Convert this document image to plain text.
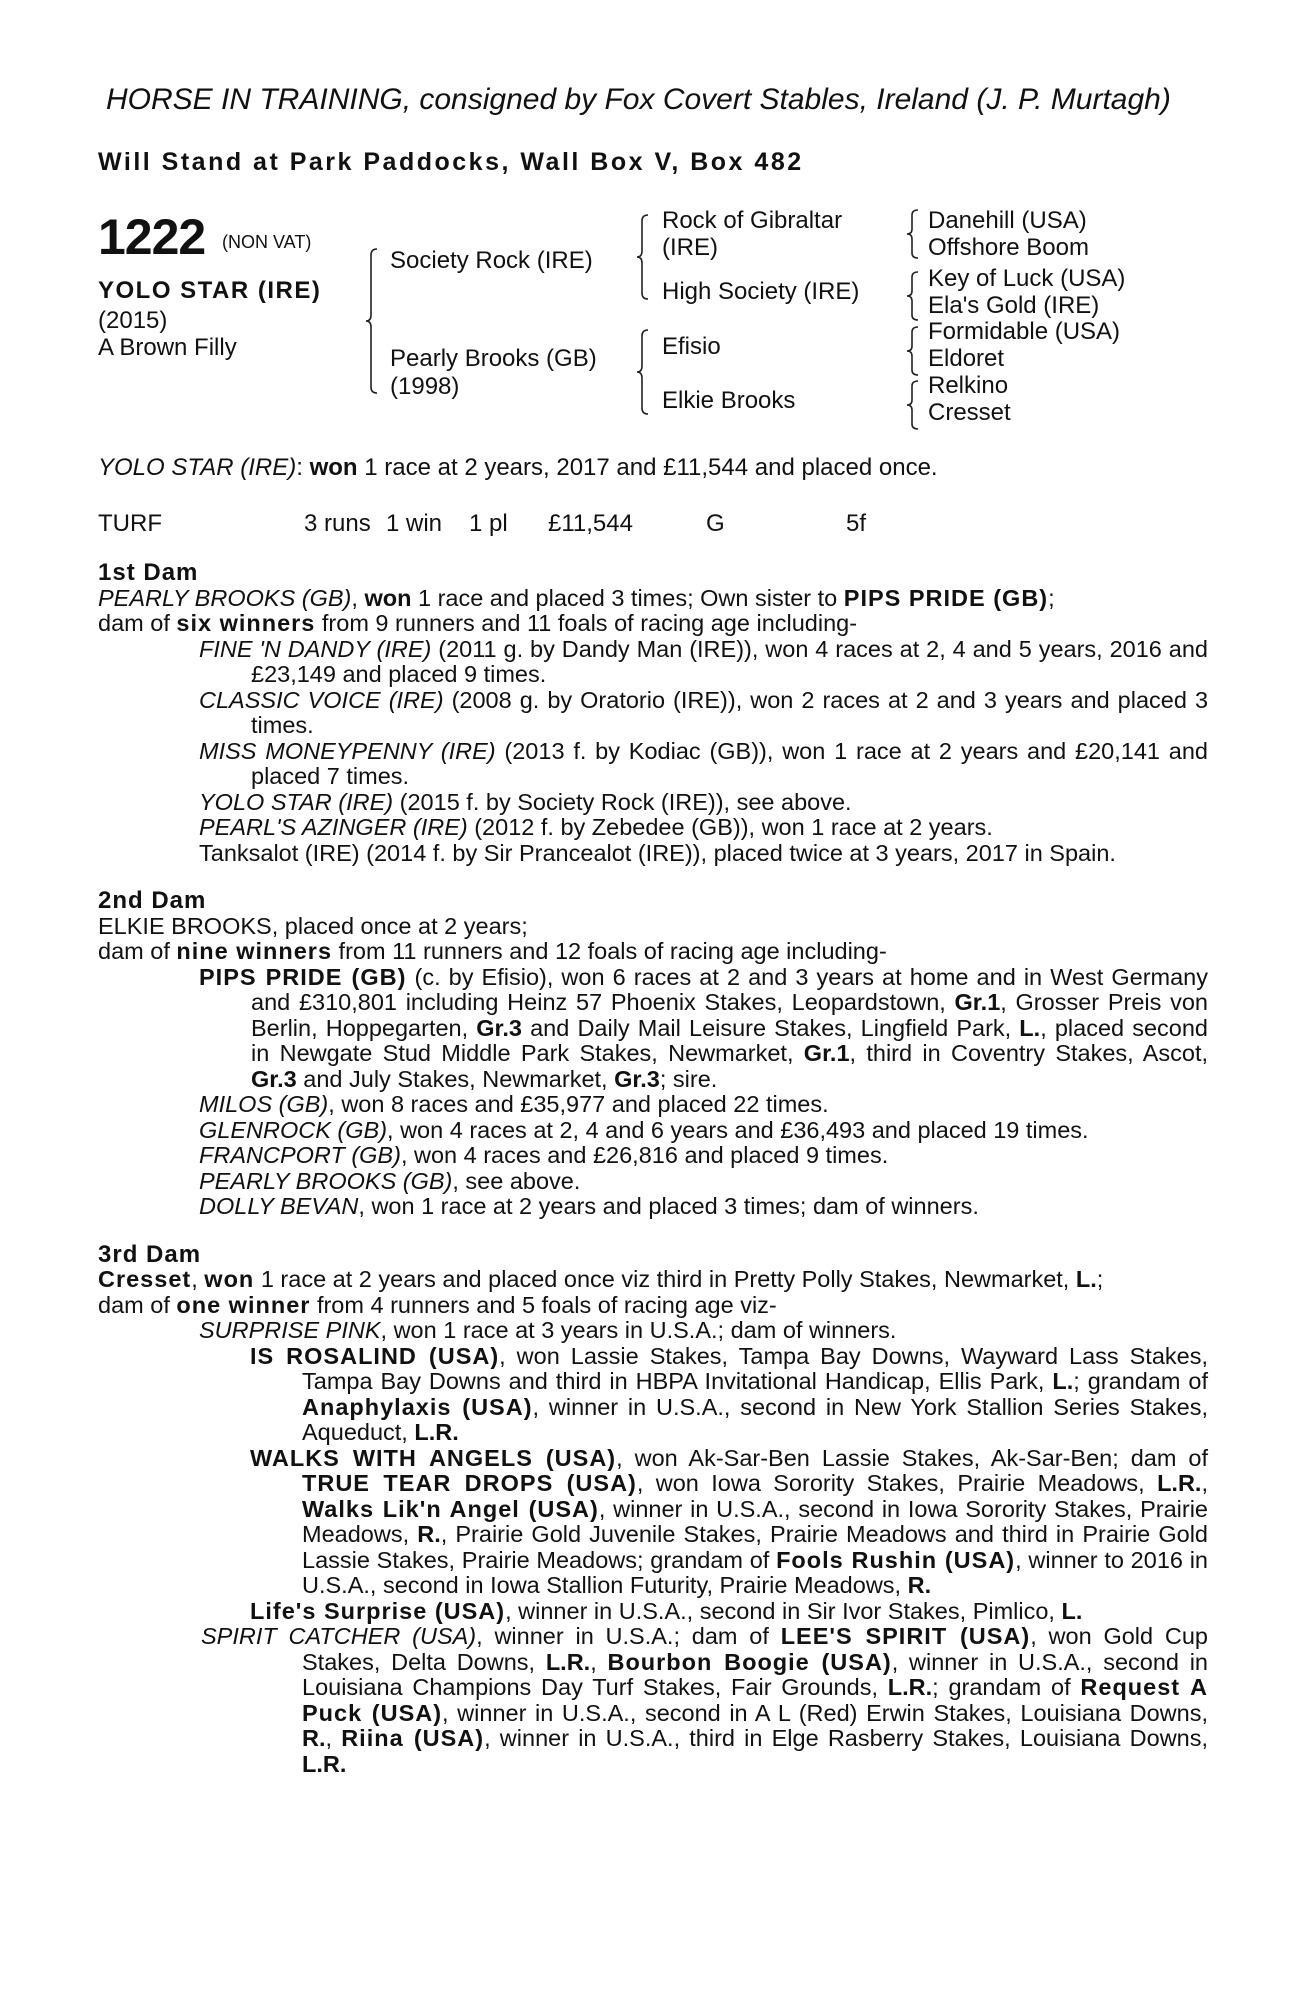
HORSE IN TRAINING, consigned by Fox Covert Stables, Ireland (J. P. Murtagh)
Will Stand at Park Paddocks, Wall Box V, Box 482
1222 (NON VAT)
YOLO STAR (IRE)
(2015)
A Brown Filly
Society Rock (IRE)
Pearly Brooks (GB)
(1998)
Rock of Gibraltar
(IRE)
High Society (IRE)
Efisio
Elkie Brooks
Danehill (USA)
Offshore Boom
Key of Luck (USA)
Ela's Gold (IRE)
Formidable (USA)
Eldoret
Relkino
Cresset
YOLO STAR (IRE): won 1 race at 2 years, 2017 and £11,544 and placed once.
TURF	3 runs 1 win 1 pl £11,544	G	5f

1st Dam

PEARLY BROOKS (GB), won 1 race and placed 3 times; Own sister to PIPS PRIDE (GB);

dam of six winners from 9 runners and 11 foals of racing age including-

FINE 'N DANDY (IRE) (2011 g. by Dandy Man (IRE)), won 4 races at 2, 4 and 5 years, 2016 and £23,149 and placed 9 times.

CLASSIC VOICE (IRE) (2008 g. by Oratorio (IRE)), won 2 races at 2 and 3 years and placed 3 times.

MISS MONEYPENNY (IRE) (2013 f. by Kodiac (GB)), won 1 race at 2 years and £20,141 and placed 7 times.

YOLO STAR (IRE) (2015 f. by Society Rock (IRE)), see above.

PEARL'S AZINGER (IRE) (2012 f. by Zebedee (GB)), won 1 race at 2 years.

Tanksalot (IRE) (2014 f. by Sir Prancealot (IRE)), placed twice at 3 years, 2017 in Spain.

2nd Dam

ELKIE BROOKS, placed once at 2 years;

dam of nine winners from 11 runners and 12 foals of racing age including-

PIPS PRIDE (GB) (c. by Efisio), won 6 races at 2 and 3 years at home and in West Germany and £310,801 including Heinz 57 Phoenix Stakes, Leopardstown, Gr.1, Grosser Preis von Berlin, Hoppegarten, Gr.3 and Daily Mail Leisure Stakes, Lingfield Park, L., placed second in Newgate Stud Middle Park Stakes, Newmarket, Gr.1, third in Coventry Stakes, Ascot, Gr.3 and July Stakes, Newmarket, Gr.3; sire.

MILOS (GB), won 8 races and £35,977 and placed 22 times.

GLENROCK (GB), won 4 races at 2, 4 and 6 years and £36,493 and placed 19 times.

FRANCPORT (GB), won 4 races and £26,816 and placed 9 times.

PEARLY BROOKS (GB), see above.

DOLLY BEVAN, won 1 race at 2 years and placed 3 times; dam of winners.

3rd Dam

Cresset, won 1 race at 2 years and placed once viz third in Pretty Polly Stakes, Newmarket, L.;

dam of one winner from 4 runners and 5 foals of racing age viz-

SURPRISE PINK, won 1 race at 3 years in U.S.A.; dam of winners.

IS ROSALIND (USA), won Lassie Stakes, Tampa Bay Downs, Wayward Lass Stakes, Tampa Bay Downs and third in HBPA Invitational Handicap, Ellis Park, L.; grandam of Anaphylaxis (USA), winner in U.S.A., second in New York Stallion Series Stakes, Aqueduct, L.R.

WALKS WITH ANGELS (USA), won Ak-Sar-Ben Lassie Stakes, Ak-Sar-Ben; dam of TRUE TEAR DROPS (USA), won Iowa Sorority Stakes, Prairie Meadows, L.R., Walks Lik'n Angel (USA), winner in U.S.A., second in Iowa Sorority Stakes, Prairie Meadows, R., Prairie Gold Juvenile Stakes, Prairie Meadows and third in Prairie Gold Lassie Stakes, Prairie Meadows; grandam of Fools Rushin (USA), winner to 2016 in U.S.A., second in Iowa Stallion Futurity, Prairie Meadows, R.

Life's Surprise (USA), winner in U.S.A., second in Sir Ivor Stakes, Pimlico, L.

SPIRIT CATCHER (USA), winner in U.S.A.; dam of LEE'S SPIRIT (USA), won Gold Cup Stakes, Delta Downs, L.R., Bourbon Boogie (USA), winner in U.S.A., second in Louisiana Champions Day Turf Stakes, Fair Grounds, L.R.; grandam of Request A Puck (USA), winner in U.S.A., second in A L (Red) Erwin Stakes, Louisiana Downs, R., Riina (USA), winner in U.S.A., third in Elge Rasberry Stakes, Louisiana Downs, L.R.
